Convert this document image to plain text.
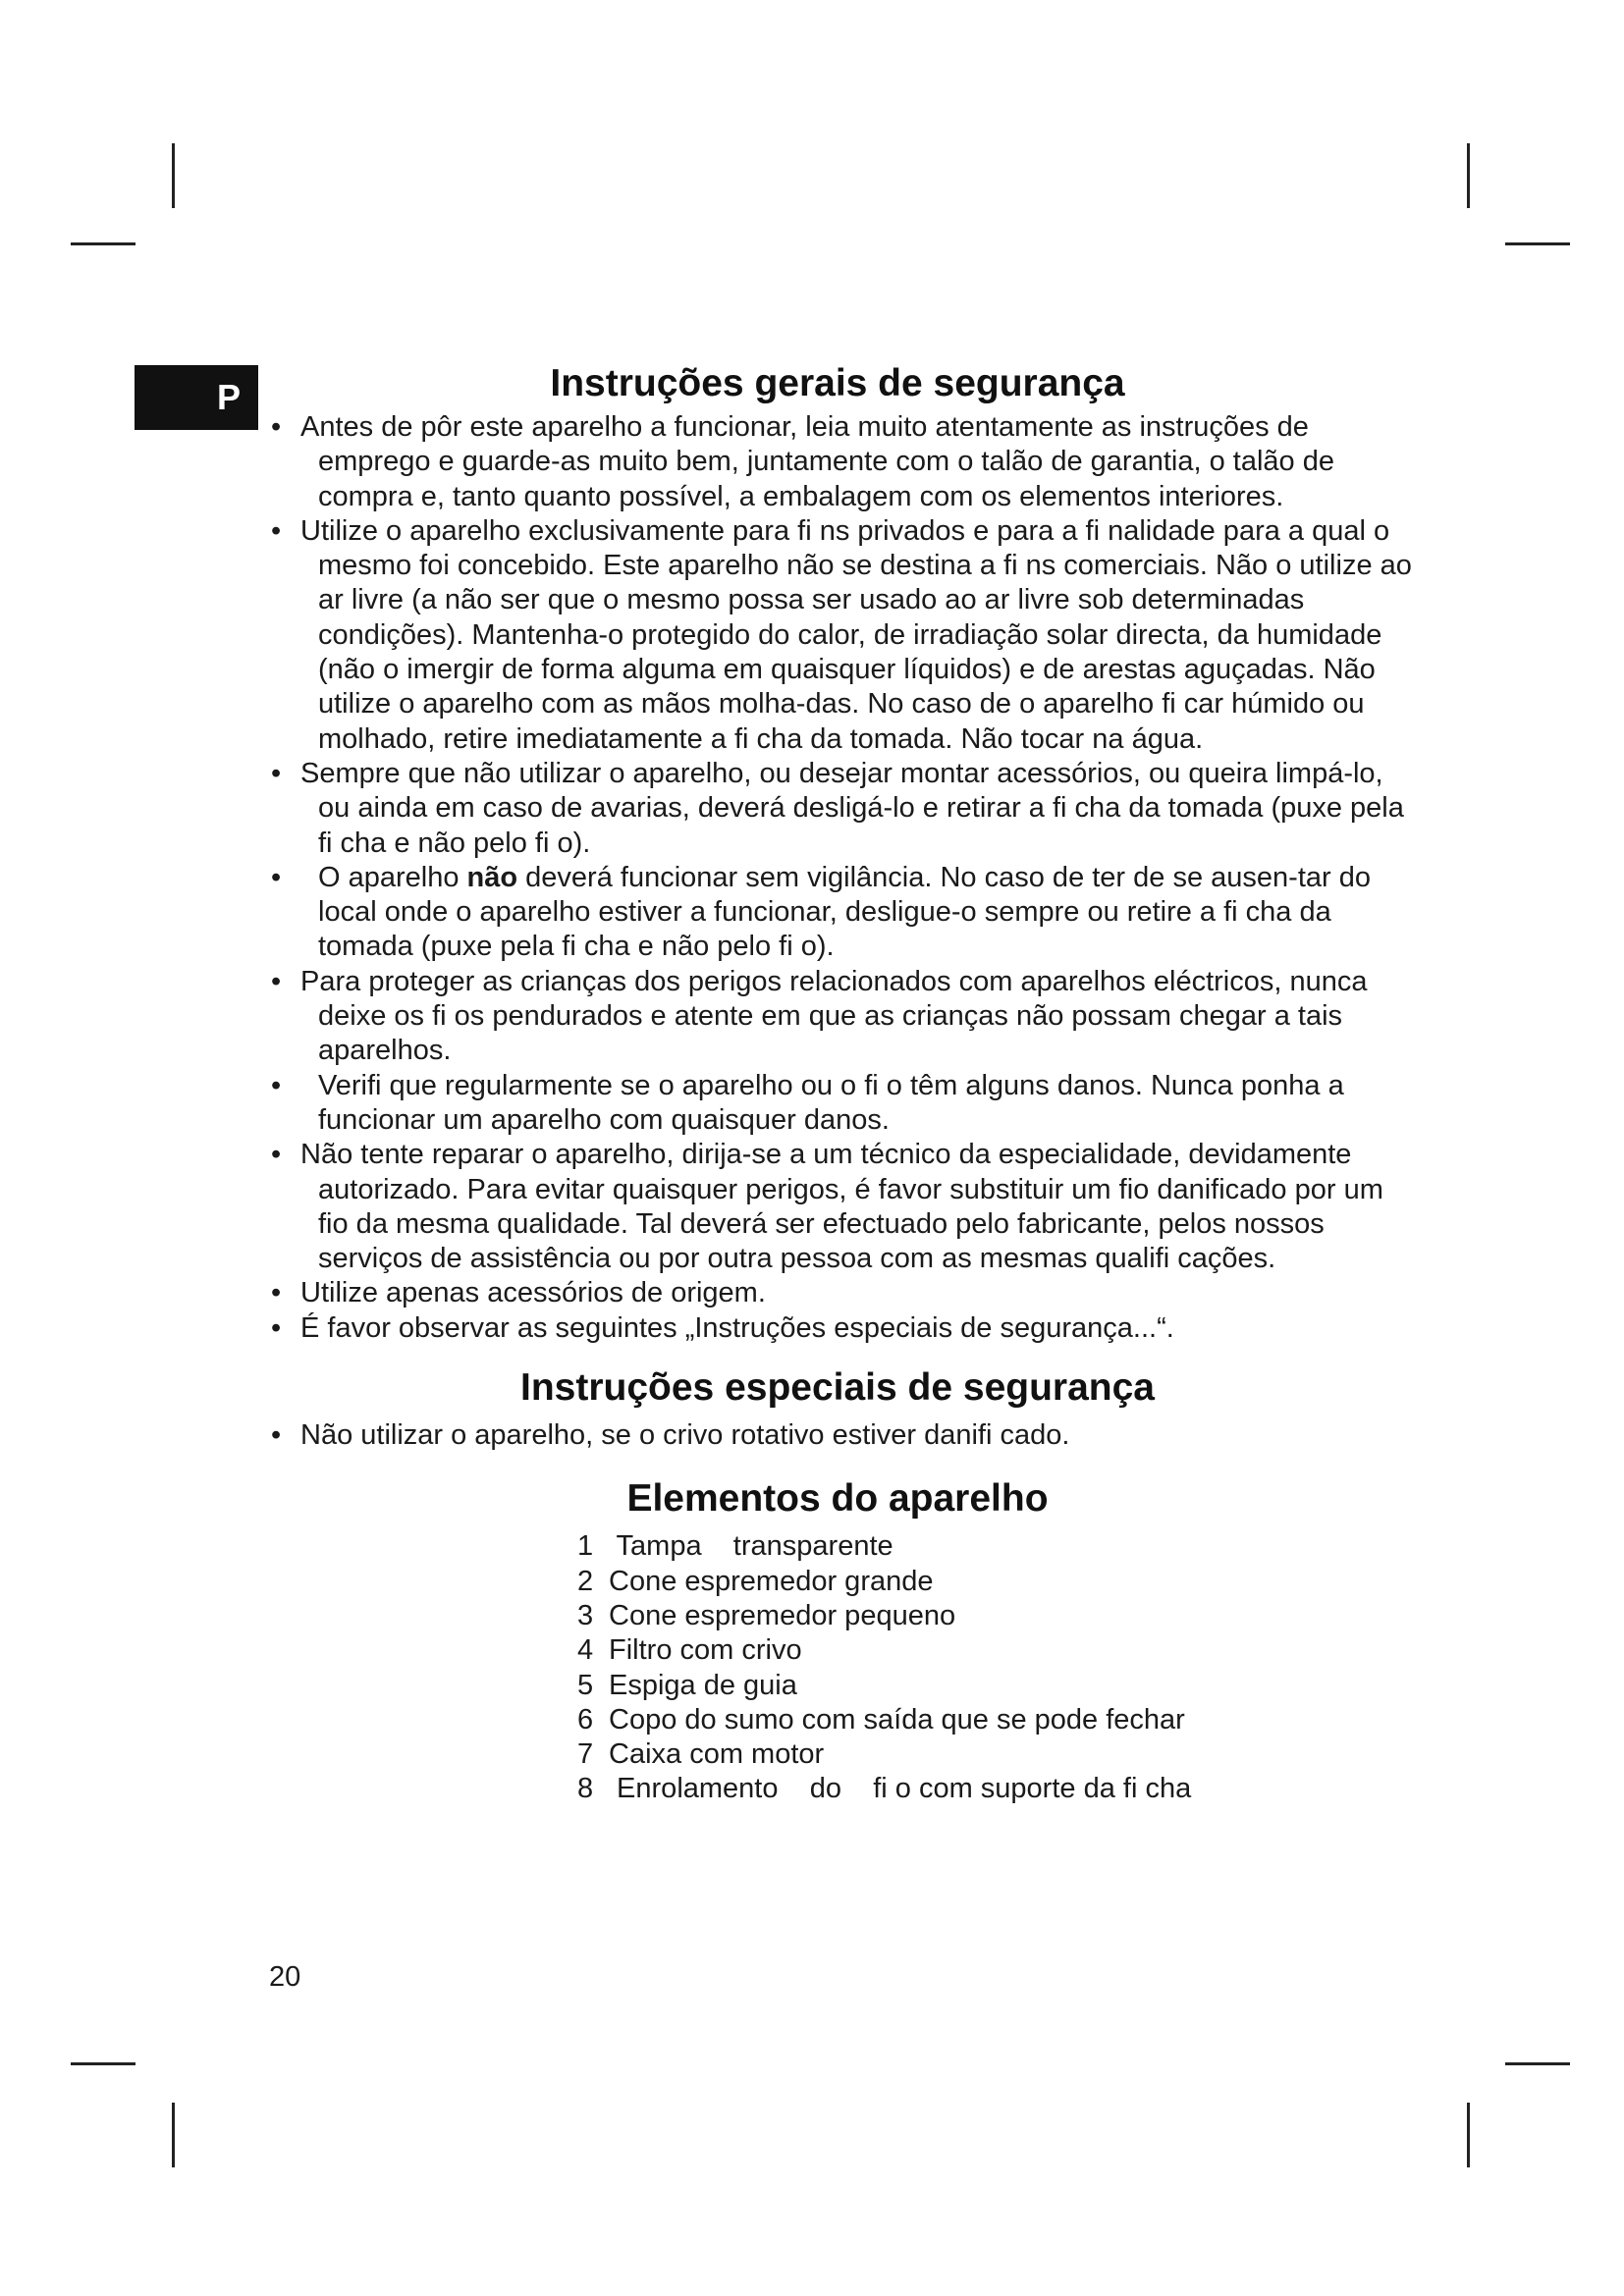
P	Instruções gerais de segurança
• Antes de pôr este aparelho a funcionar, leia muito atentamente as instruções de emprego e guarde-as muito bem, juntamente com o talão de garantia, o talão de compra e, tanto quanto possível, a embalagem com os elementos interiores.
• Utilize o aparelho exclusivamente para fi ns privados e para a fi nalidade para a qual o mesmo foi concebido. Este aparelho não se destina a fi ns comerciais. Não o utilize ao ar livre (a não ser que o mesmo possa ser usado ao ar livre sob determinadas condições). Mantenha-o protegido do calor, de irradiação solar directa, da humidade (não o imergir de forma alguma em quaisquer líquidos) e de arestas aguçadas. Não utilize o aparelho com as mãos molha-das. No caso de o aparelho fi car húmido ou molhado, retire imediatamente a fi cha da tomada. Não tocar na água.
• Sempre que não utilizar o aparelho, ou desejar montar acessórios, ou queira limpá-lo, ou ainda em caso de avarias, deverá desligá-lo e retirar a fi cha da tomada (puxe pela fi cha e não pelo fi o).
•	O aparelho não deverá funcionar sem vigilância. No caso de ter de se ausen-tar do local onde o aparelho estiver a funcionar, desligue-o sempre ou retire a fi cha da tomada (puxe pela fi cha e não pelo fi o).
• Para proteger as crianças dos perigos relacionados com aparelhos eléctricos, nunca deixe os fi os pendurados e atente em que as crianças não possam chegar a tais aparelhos.
•	Verifi que regularmente se o aparelho ou o fi o têm alguns danos. Nunca ponha a funcionar um aparelho com quaisquer danos.
• Não tente reparar o aparelho, dirija-se a um técnico da especialidade, devidamente autorizado. Para evitar quaisquer perigos, é favor substituir um fio danificado por um fio da mesma qualidade. Tal deverá ser efectuado pelo fabricante, pelos nossos serviços de assistência ou por outra pessoa com as mesmas qualifi cações.
• Utilize apenas acessórios de origem.
• É favor observar as seguintes „Instruções especiais de segurança...“.
Instruções especiais de segurança
• Não utilizar o aparelho, se o crivo rotativo estiver danifi cado.
Elementos do aparelho
1 Tampa    transparente
2 Cone espremedor grande
3 Cone espremedor pequeno
4 Filtro com crivo
5 Espiga de guia
6 Copo do sumo com saída que se pode fechar
7 Caixa com motor
8 Enrolamento    do    fi o com suporte da fi cha
20
